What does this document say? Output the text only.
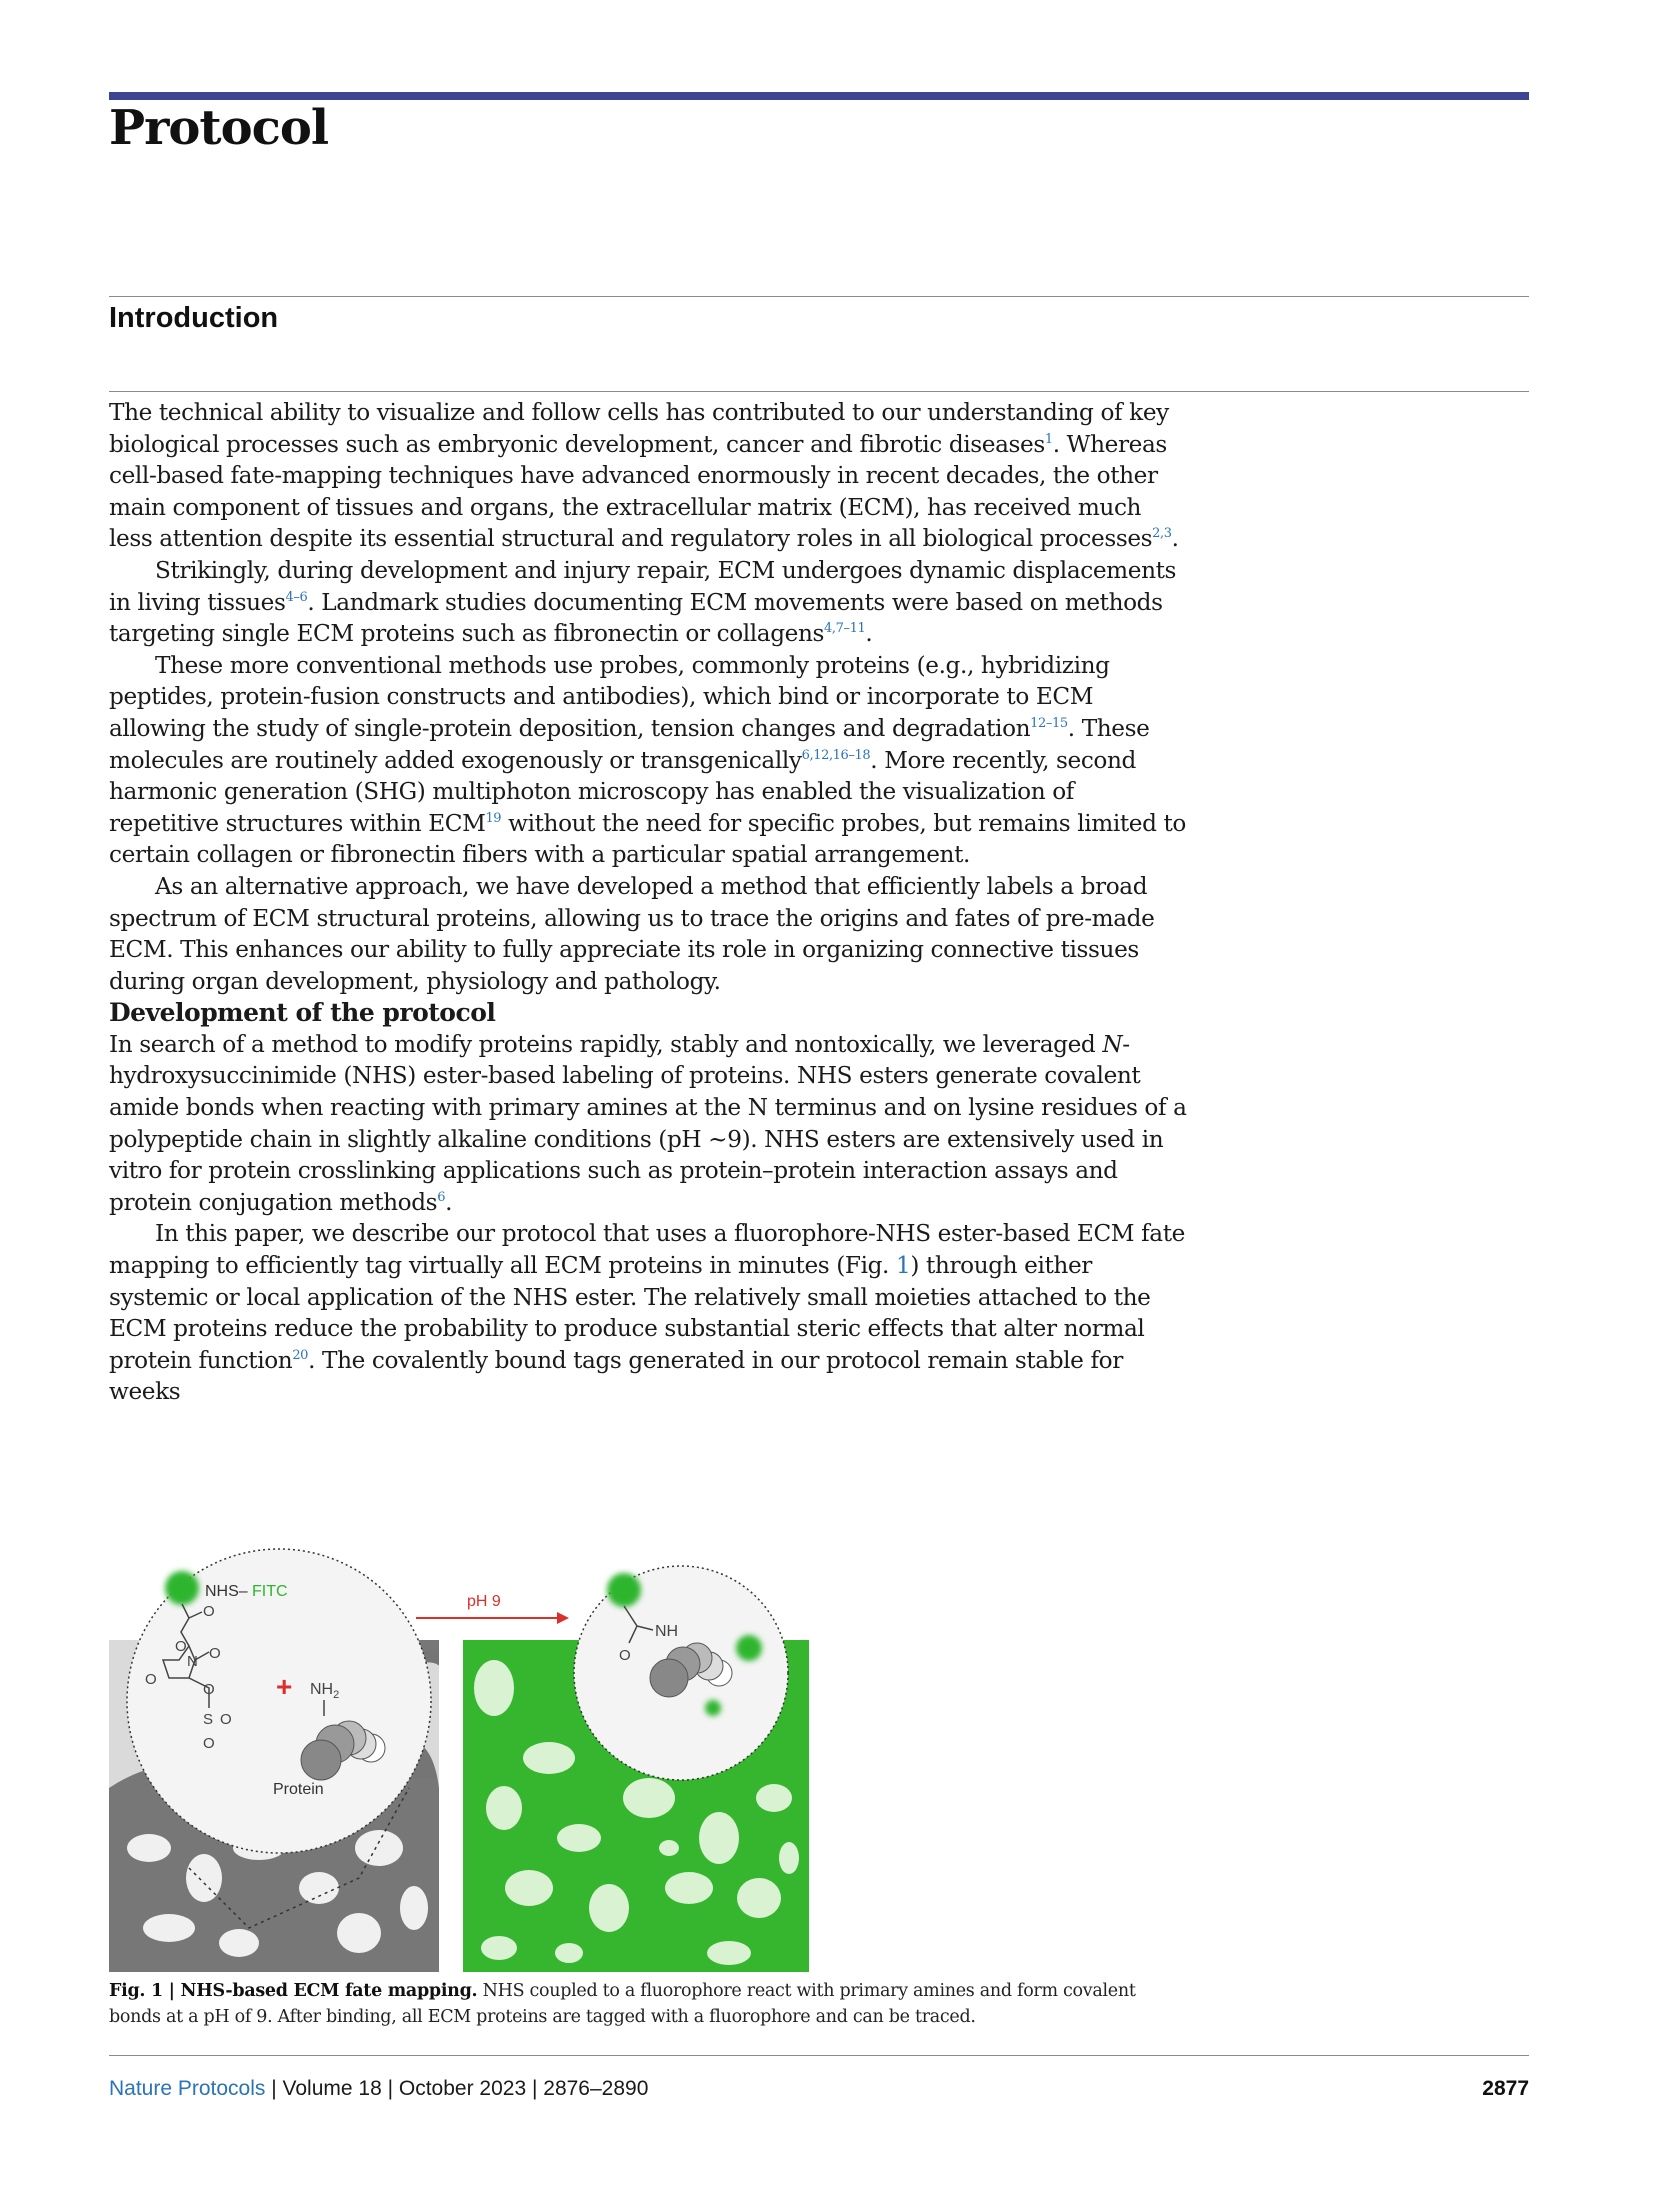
Protocol
Introduction

The technical ability to visualize and follow cells has contributed to our understanding of key biological processes such as embryonic development, cancer and fibrotic diseases$^1$. Whereas cell-based fate-mapping techniques have advanced enormously in recent decades, the other main component of tissues and organs, the extracellular matrix (ECM), has received much less attention despite its essential structural and regulatory roles in all biological processes$^{2,3}$.

Strikingly, during development and injury repair, ECM undergoes dynamic displacements in living tissues$^{4-6}$. Landmark studies documenting ECM movements were based on methods targeting single ECM proteins such as fibronectin or collagens$^{4,7-11}$.

These more conventional methods use probes, commonly proteins (e.g., hybridizing peptides, protein-fusion constructs and antibodies), which bind or incorporate to ECM allowing the study of single-protein deposition, tension changes and degradation$^{12-15}$. These molecules are routinely added exogenously or transgenically$^{6,12,16-18}$. More recently, second harmonic generation (SHG) multiphoton microscopy has enabled the visualization of repetitive structures within ECM$^{19}$ without the need for specific probes, but remains limited to certain collagen or fibronectin fibers with a particular spatial arrangement.

As an alternative approach, we have developed a method that efficiently labels a broad spectrum of ECM structural proteins, allowing us to trace the origins and fates of pre-made ECM. This enhances our ability to fully appreciate its role in organizing connective tissues during organ development, physiology and pathology.

Development of the protocol

In search of a method to modify proteins rapidly, stably and nontoxically, we leveraged N-hydroxysuccinimide (NHS) ester-based labeling of proteins. NHS esters generate covalent amide bonds when reacting with primary amines at the N terminus and on lysine residues of a polypeptide chain in slightly alkaline conditions (pH ~9). NHS esters are extensively used in vitro for protein crosslinking applications such as protein–protein interaction assays and protein conjugation methods$^6$.

In this paper, we describe our protocol that uses a fluorophore-NHS ester-based ECM fate mapping to efficiently tag virtually all ECM proteins in minutes (Fig. 1) through either systemic or local application of the NHS ester. The relatively small moieties attached to the ECM proteins reduce the probability to produce substantial steric effects that alter normal protein function$^{20}$. The covalently bound tags generated in our protocol remain stable for weeks

NHS– FITC
O
O
N O
O
S
O
O
O
+ $NH_2$
Protein
pH 9
O
NH
Fig. 1 | NHS-based ECM fate mapping. NHS coupled to a fluorophore react with primary amines and form covalent bonds at a pH of 9. After binding, all ECM proteins are tagged with a fluorophore and can be traced.
Nature Protocols | Volume 18 | October 2023 | 2876–2890	2877
